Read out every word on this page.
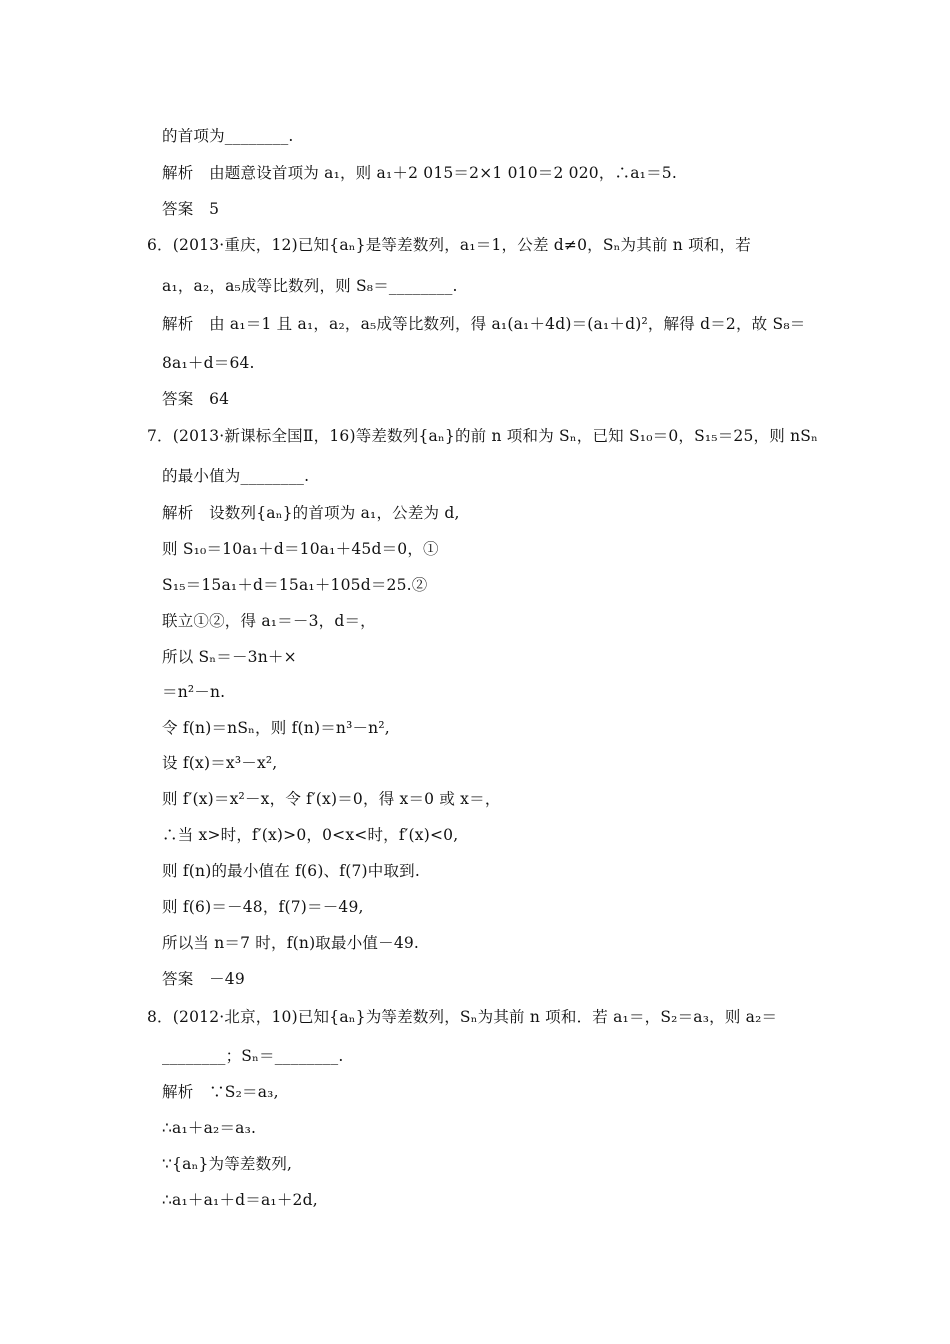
的首项为________.
解析　由题意设首项为 a₁，则 a₁＋2 015＝2×1 010＝2 020，∴a₁＝5.
答案　5
6．(2013·重庆，12)已知{aₙ}是等差数列，a₁＝1，公差 d≠0，Sₙ为其前 n 项和，若
a₁，a₂，a₅成等比数列，则 S₈＝________.
解析　由 a₁＝1 且 a₁，a₂，a₅成等比数列，得 a₁(a₁＋4d)＝(a₁＋d)²，解得 d＝2，故 S₈＝
8a₁＋d＝64.
答案　64
7．(2013·新课标全国Ⅱ，16)等差数列{aₙ}的前 n 项和为 Sₙ，已知 S₁₀＝0，S₁₅＝25，则 nSₙ
的最小值为________.
解析　设数列{aₙ}的首项为 a₁，公差为 d,
则 S₁₀＝10a₁＋d＝10a₁＋45d＝0，①
S₁₅＝15a₁＋d＝15a₁＋105d＝25.②
联立①②，得 a₁＝－3，d＝，
所以 Sₙ＝－3n＋×
＝n²－n.
令 f(n)＝nSₙ，则 f(n)＝n³－n²,
设 f(x)＝x³－x²,
则 f′(x)＝x²－x，令 f′(x)＝0，得 x＝0 或 x＝，
∴当 x>时，f′(x)>0，0<x<时，f′(x)<0,
则 f(n)的最小值在 f(6)、f(7)中取到.
则 f(6)＝－48，f(7)＝－49,
所以当 n＝7 时，f(n)取最小值－49.
答案　－49
8．(2012·北京，10)已知{aₙ}为等差数列，Sₙ为其前 n 项和．若 a₁＝，S₂＝a₃，则 a₂＝
________；Sₙ＝________.
解析　∵S₂＝a₃,
∴a₁＋a₂＝a₃.
∵{aₙ}为等差数列,
∴a₁＋a₁＋d＝a₁＋2d,
